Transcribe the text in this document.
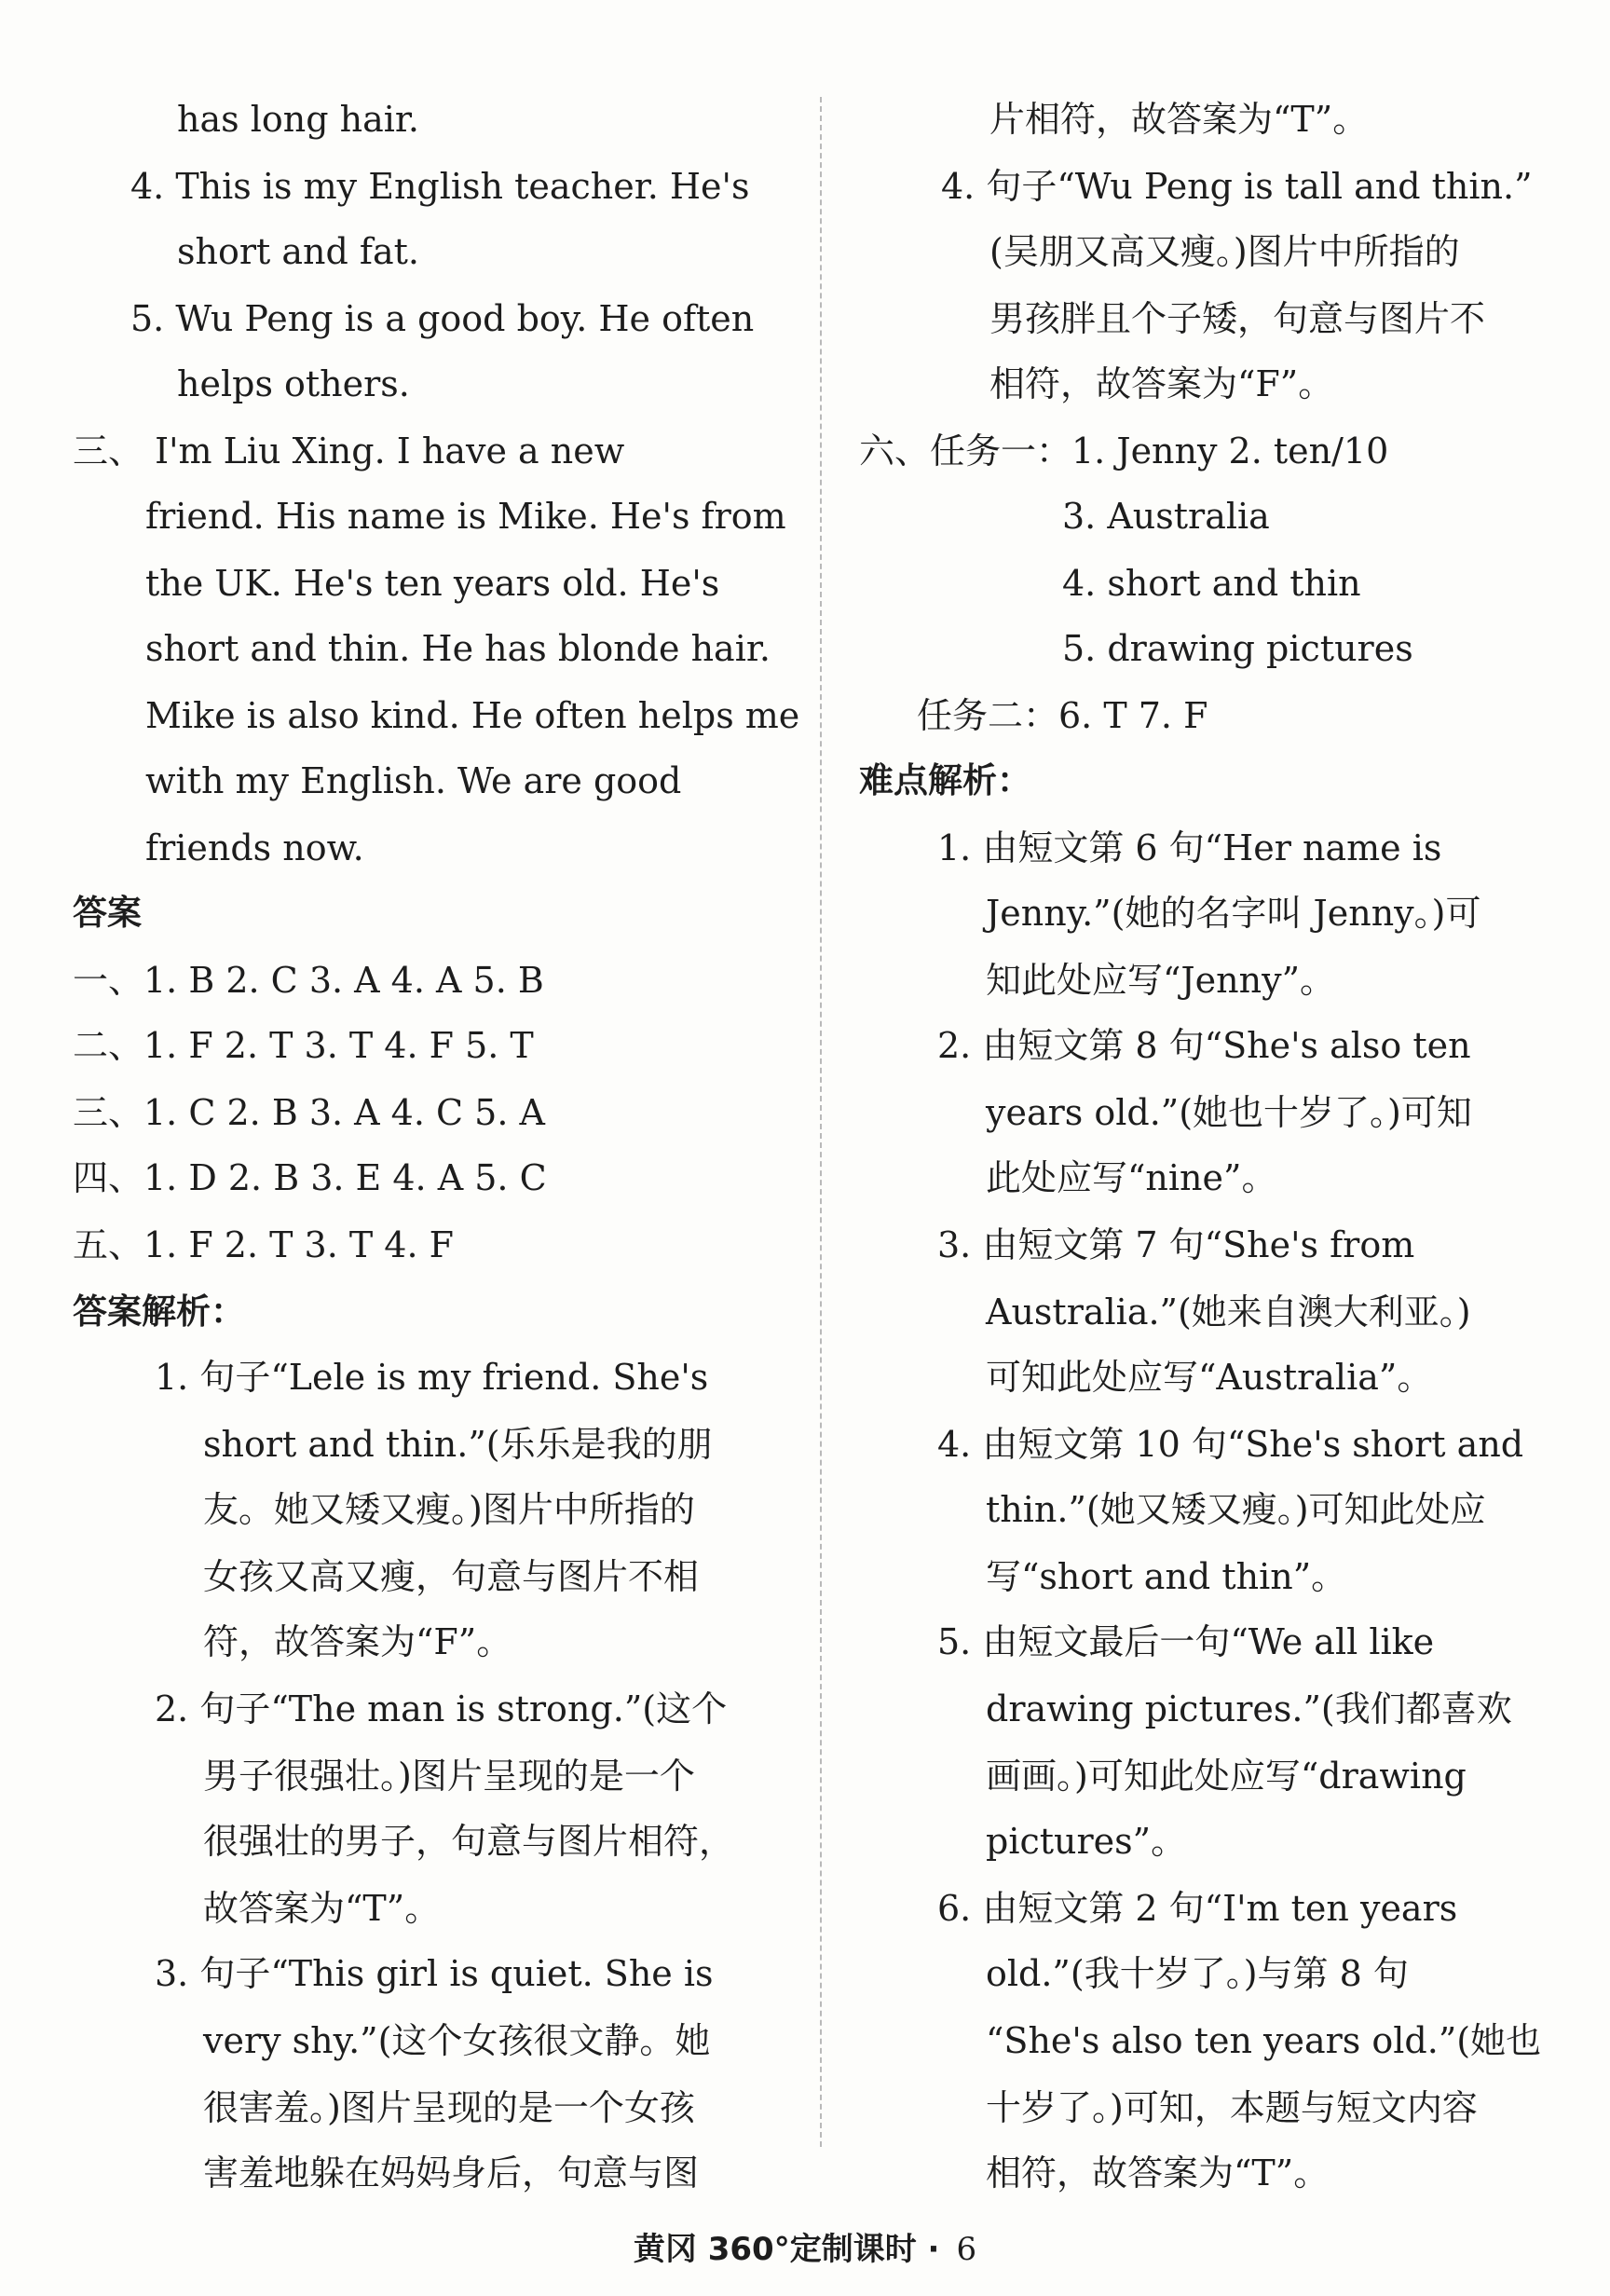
has long hair.
4. This is my English teacher. He's
short and fat.
5. Wu Peng is a good boy. He often
helps others.
三、 I'm Liu Xing. I have a new
friend. His name is Mike. He's from
the UK. He's ten years old. He's
short and thin. He has blonde hair.
Mike is also kind. He often helps me
with my English. We are good
friends now.
答案
一、1. B 2. C 3. A 4. A 5. B
二、1. F 2. T 3. T 4. F 5. T
三、1. C 2. B 3. A 4. C 5. A
四、1. D 2. B 3. E 4. A 5. C
五、1. F 2. T 3. T 4. F
答案解析：
1. 句子“Lele is my friend. She's
short and thin.”(乐乐是我的朋
友。她又矮又瘦。)图片中所指的
女孩又高又瘦，句意与图片不相
符，故答案为“F”。
2. 句子“The man is strong.”(这个
男子很强壮。)图片呈现的是一个
很强壮的男子，句意与图片相符，
故答案为“T”。
3. 句子“This girl is quiet. She is
very shy.”(这个女孩很文静。她
很害羞。)图片呈现的是一个女孩
害羞地躲在妈妈身后，句意与图
片相符，故答案为“T”。
4. 句子“Wu Peng is tall and thin.”
(吴朋又高又瘦。)图片中所指的
男孩胖且个子矮，句意与图片不
相符，故答案为“F”。
六、任务一：1. Jenny 2. ten/10
3. Australia
4. short and thin
5. drawing pictures
任务二：6. T 7. F
难点解析：
1. 由短文第 6 句“Her name is
Jenny.”(她的名字叫 Jenny。)可
知此处应写“Jenny”。
2. 由短文第 8 句“She's also ten
years old.”(她也十岁了。)可知
此处应写“nine”。
3. 由短文第 7 句“She's from
Australia.”(她来自澳大利亚。)
可知此处应写“Australia”。
4. 由短文第 10 句“She's short and
thin.”(她又矮又瘦。)可知此处应
写“short and thin”。
5. 由短文最后一句“We all like
drawing pictures.”(我们都喜欢
画画。)可知此处应写“drawing
pictures”。
6. 由短文第 2 句“I'm ten years
old.”(我十岁了。)与第 8 句
“She's also ten years old.”(她也
十岁了。)可知，本题与短文内容
相符，故答案为“T”。
黄冈 360°定制课时 · 6
